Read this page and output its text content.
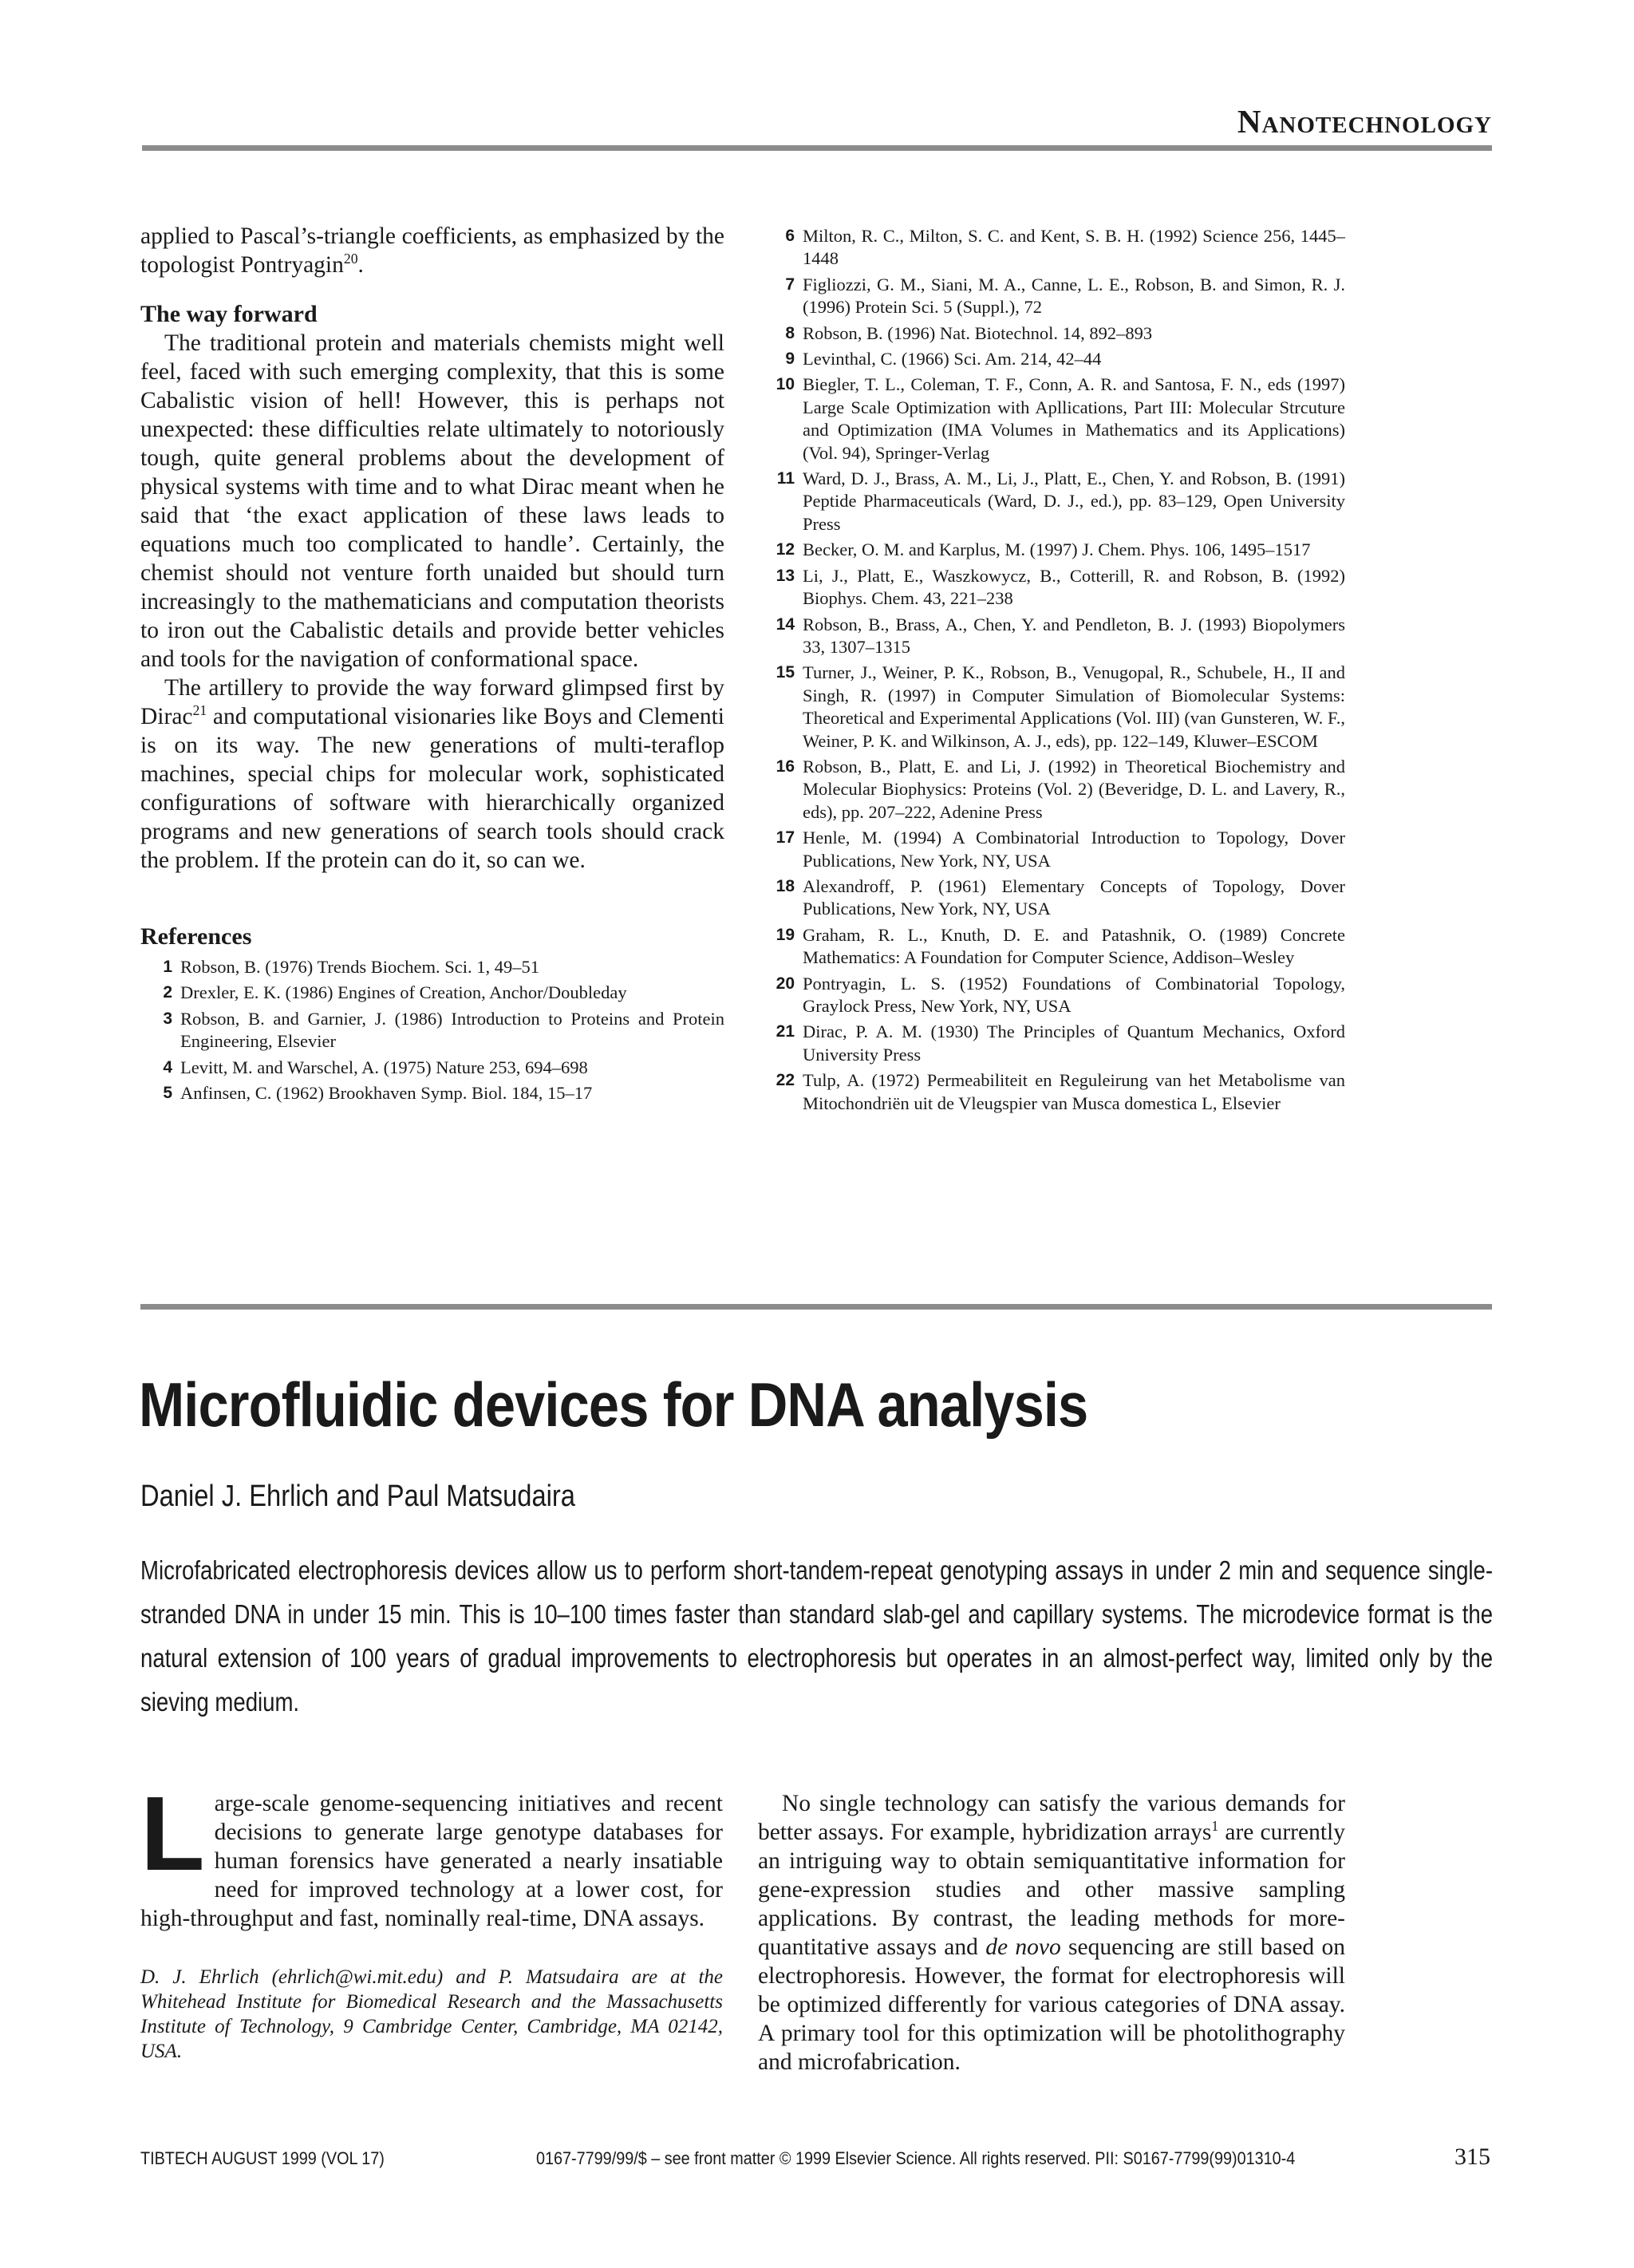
Nanotechnology

applied to Pascal’s-triangle coefficients, as emphasized by the topologist Pontryagin$^{20}$.

The way forward

The traditional protein and materials chemists might well feel, faced with such emerging complexity, that this is some Cabalistic vision of hell! However, this is perhaps not unexpected: these difficulties relate ultimately to notoriously tough, quite general problems about the development of physical systems with time and to what Dirac meant when he said that ‘the exact application of these laws leads to equations much too complicated to handle’. Certainly, the chemist should not venture forth unaided but should turn increasingly to the mathematicians and computation theorists to iron out the Cabalistic details and provide better vehicles and tools for the navigation of conformational space.

The artillery to provide the way forward glimpsed first by Dirac$^{21}$ and computational visionaries like Boys and Clementi is on its way. The new generations of multi-teraflop machines, special chips for molecular work, sophisticated configurations of software with hierarchically organized programs and new generations of search tools should crack the problem. If the protein can do it, so can we.

References
1 Robson, B. (1976) Trends Biochem. Sci. 1, 49–51
2 Drexler, E. K. (1986) Engines of Creation, Anchor/Doubleday
3 Robson, B. and Garnier, J. (1986) Introduction to Proteins and Protein Engineering, Elsevier
4 Levitt, M. and Warschel, A. (1975) Nature 253, 694–698
5 Anfinsen, C. (1962) Brookhaven Symp. Biol. 184, 15–17
6 Milton, R. C., Milton, S. C. and Kent, S. B. H. (1992) Science 256, 1445–1448
7 Figliozzi, G. M., Siani, M. A., Canne, L. E., Robson, B. and Simon, R. J. (1996) Protein Sci. 5 (Suppl.), 72
8 Robson, B. (1996) Nat. Biotechnol. 14, 892–893
9 Levinthal, C. (1966) Sci. Am. 214, 42–44
10 Biegler, T. L., Coleman, T. F., Conn, A. R. and Santosa, F. N., eds (1997) Large Scale Optimization with Apllications, Part III: Molecular Strcuture and Optimization (IMA Volumes in Mathematics and its Applications) (Vol. 94), Springer-Verlag
11 Ward, D. J., Brass, A. M., Li, J., Platt, E., Chen, Y. and Robson, B. (1991) Peptide Pharmaceuticals (Ward, D. J., ed.), pp. 83–129, Open University Press
12 Becker, O. M. and Karplus, M. (1997) J. Chem. Phys. 106, 1495–1517
13 Li, J., Platt, E., Waszkowycz, B., Cotterill, R. and Robson, B. (1992) Biophys. Chem. 43, 221–238
14 Robson, B., Brass, A., Chen, Y. and Pendleton, B. J. (1993) Biopolymers 33, 1307–1315
15 Turner, J., Weiner, P. K., Robson, B., Venugopal, R., Schubele, H., II and Singh, R. (1997) in Computer Simulation of Biomolecular Systems: Theoretical and Experimental Applications (Vol. III) (van Gunsteren, W. F., Weiner, P. K. and Wilkinson, A. J., eds), pp. 122–149, Kluwer–ESCOM
16 Robson, B., Platt, E. and Li, J. (1992) in Theoretical Biochemistry and Molecular Biophysics: Proteins (Vol. 2) (Beveridge, D. L. and Lavery, R., eds), pp. 207–222, Adenine Press
17 Henle, M. (1994) A Combinatorial Introduction to Topology, Dover Publications, New York, NY, USA
18 Alexandroff, P. (1961) Elementary Concepts of Topology, Dover Publications, New York, NY, USA
19 Graham, R. L., Knuth, D. E. and Patashnik, O. (1989) Concrete Mathematics: A Foundation for Computer Science, Addison–Wesley
20 Pontryagin, L. S. (1952) Foundations of Combinatorial Topology, Graylock Press, New York, NY, USA
21 Dirac, P. A. M. (1930) The Principles of Quantum Mechanics, Oxford University Press
22 Tulp, A. (1972) Permeabiliteit en Reguleirung van het Metabolisme van Mitochondriën uit de Vleugspier van Musca domestica L, Elsevier
Microfluidic devices for DNA analysis
Daniel J. Ehrlich and Paul Matsudaira

Microfabricated electrophoresis devices allow us to perform short-tandem-repeat genotyping assays in under 2 min and sequence single-stranded DNA in under 15 min. This is 10–100 times faster than standard slab-gel and capillary systems. The microdevice format is the natural extension of 100 years of gradual improvements to electrophoresis but operates in an almost-perfect way, limited only by the sieving medium.

Large-scale genome-sequencing initiatives and recent decisions to generate large genotype databases for human forensics have generated a nearly insatiable need for improved technology at a lower cost, for high-throughput and fast, nominally real-time, DNA assays.

D. J. Ehrlich (ehrlich@wi.mit.edu) and P. Matsudaira are at the Whitehead Institute for Biomedical Research and the Massachusetts Institute of Technology, 9 Cambridge Center, Cambridge, MA 02142, USA.

No single technology can satisfy the various demands for better assays. For example, hybridization arrays$^1$ are currently an intriguing way to obtain semiquantitative information for gene-expression studies and other massive sampling applications. By contrast, the leading methods for more-quantitative assays and de novo sequencing are still based on electrophoresis. However, the format for electrophoresis will be optimized differently for various categories of DNA assay. A primary tool for this optimization will be photolithography and microfabrication.

TIBTECH AUGUST 1999 (VOL 17)	0167-7799/99/$ – see front matter © 1999 Elsevier Science. All rights reserved. PII: S0167-7799(99)01310-4	315
